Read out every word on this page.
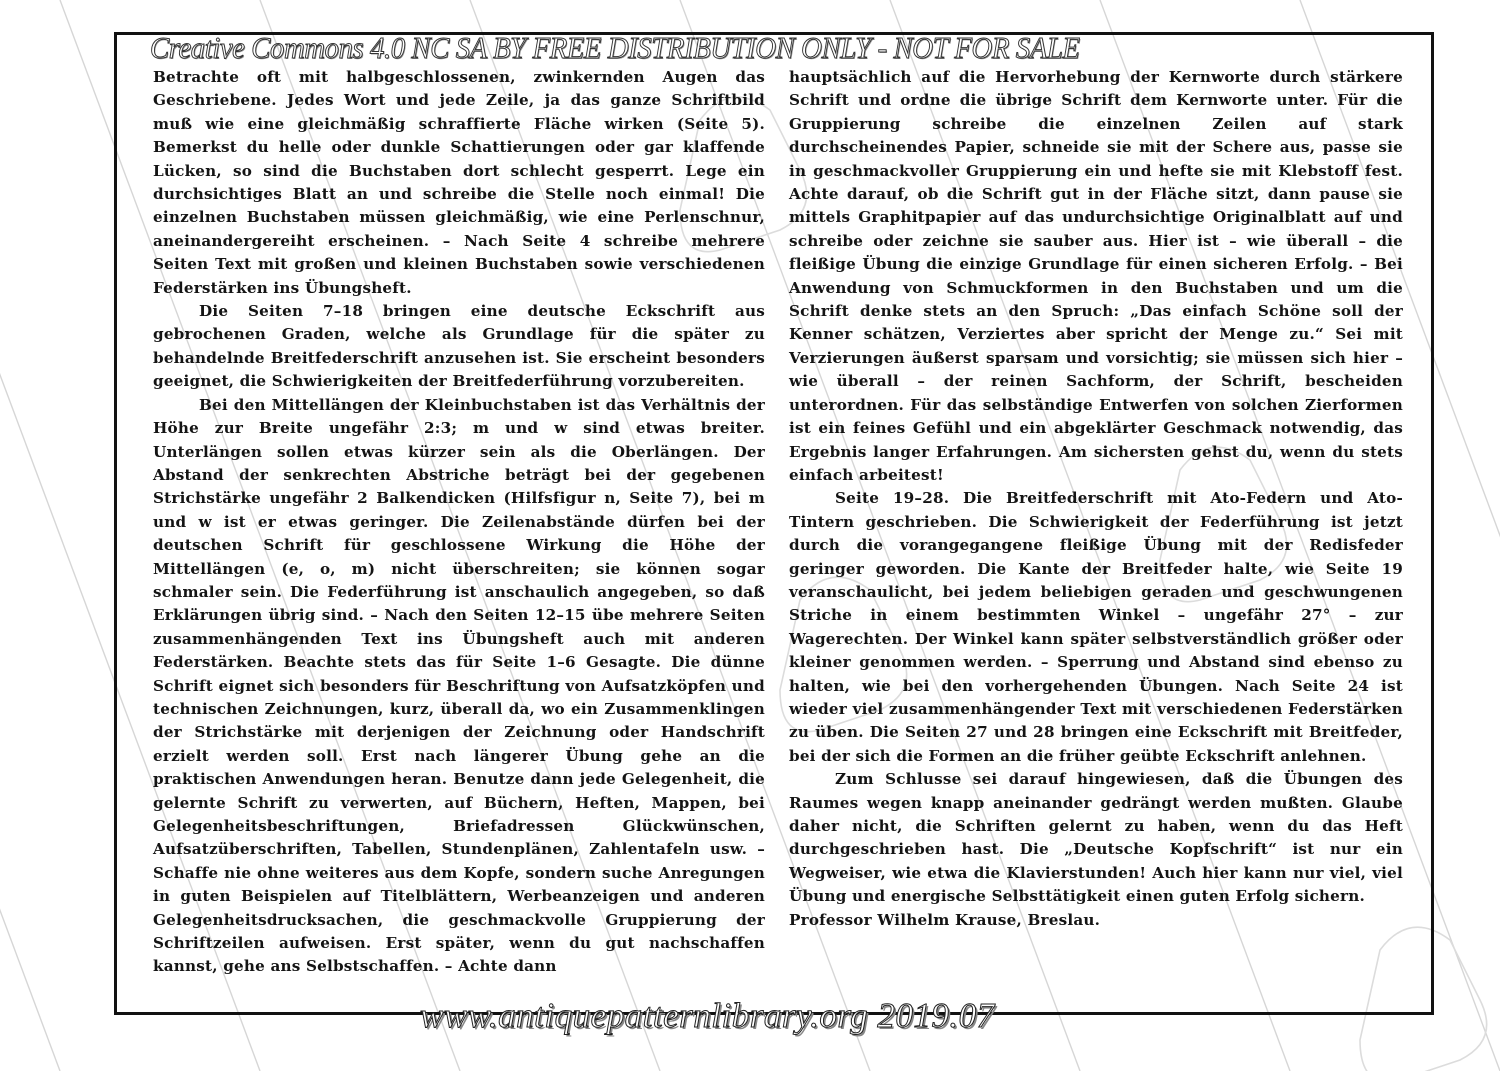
Creative Commons 4.0 NC SA BY FREE DISTRIBUTION ONLY - NOT FOR SALE

Betrachte oft mit halbgeschlossenen, zwinkernden Augen das Geschriebene. Jedes Wort und jede Zeile, ja das ganze Schriftbild muß wie eine gleichmäßig schraffierte Fläche wirken (Seite 5). Bemerkst du helle oder dunkle Schattierungen oder gar klaffende Lücken, so sind die Buchstaben dort schlecht gesperrt. Lege ein durchsichtiges Blatt an und schreibe die Stelle noch einmal! Die einzelnen Buchstaben müssen gleichmäßig, wie eine Perlenschnur, aneinandergereiht erscheinen. – Nach Seite 4 schreibe mehrere Seiten Text mit großen und kleinen Buchstaben sowie verschiedenen Federstärken ins Übungsheft.

Die Seiten 7–18 bringen eine deutsche Eckschrift aus gebrochenen Graden, welche als Grundlage für die später zu behandelnde Breitfederschrift anzusehen ist. Sie erscheint besonders geeignet, die Schwierigkeiten der Breitfederführung vorzubereiten.

Bei den Mittellängen der Kleinbuchstaben ist das Verhältnis der Höhe zur Breite ungefähr 2:3; m und w sind etwas breiter. Unterlängen sollen etwas kürzer sein als die Oberlängen. Der Abstand der senkrechten Abstriche beträgt bei der gegebenen Strichstärke ungefähr 2 Balkendicken (Hilfsfigur n, Seite 7), bei m und w ist er etwas geringer. Die Zeilenabstände dürfen bei der deutschen Schrift für geschlossene Wirkung die Höhe der Mittellängen (e, o, m) nicht überschreiten; sie können sogar schmaler sein. Die Federführung ist anschaulich angegeben, so daß Erklärungen übrig sind. – Nach den Seiten 12–15 übe mehrere Seiten zusammenhängenden Text ins Übungsheft auch mit anderen Federstärken. Beachte stets das für Seite 1–6 Gesagte. Die dünne Schrift eignet sich besonders für Beschriftung von Aufsatzköpfen und technischen Zeichnungen, kurz, überall da, wo ein Zusammenklingen der Strichstärke mit derjenigen der Zeichnung oder Handschrift erzielt werden soll. Erst nach längerer Übung gehe an die praktischen Anwendungen heran. Benutze dann jede Gelegenheit, die gelernte Schrift zu verwerten, auf Büchern, Heften, Mappen, bei Gelegenheitsbeschriftungen, Briefadressen Glückwünschen, Aufsatzüberschriften, Tabellen, Stundenplänen, Zahlentafeln usw. – Schaffe nie ohne weiteres aus dem Kopfe, sondern suche Anregungen in guten Beispielen auf Titelblättern, Werbeanzeigen und anderen Gelegenheitsdrucksachen, die geschmackvolle Gruppierung der Schriftzeilen aufweisen. Erst später, wenn du gut nachschaffen kannst, gehe ans Selbstschaffen. – Achte dann

hauptsächlich auf die Hervorhebung der Kernworte durch stärkere Schrift und ordne die übrige Schrift dem Kernworte unter. Für die Gruppierung schreibe die einzelnen Zeilen auf stark durchscheinendes Papier, schneide sie mit der Schere aus, passe sie in geschmackvoller Gruppierung ein und hefte sie mit Klebstoff fest. Achte darauf, ob die Schrift gut in der Fläche sitzt, dann pause sie mittels Graphitpapier auf das undurchsichtige Originalblatt auf und schreibe oder zeichne sie sauber aus. Hier ist – wie überall – die fleißige Übung die einzige Grundlage für einen sicheren Erfolg. – Bei Anwendung von Schmuckformen in den Buchstaben und um die Schrift denke stets an den Spruch: „Das einfach Schöne soll der Kenner schätzen, Verziertes aber spricht der Menge zu.“ Sei mit Verzierungen äußerst sparsam und vorsichtig; sie müssen sich hier – wie überall – der reinen Sachform, der Schrift, bescheiden unterordnen. Für das selbständige Entwerfen von solchen Zierformen ist ein feines Gefühl und ein abgeklärter Geschmack notwendig, das Ergebnis langer Erfahrungen. Am sichersten gehst du, wenn du stets einfach arbeitest!

Seite 19–28. Die Breitfederschrift mit Ato-Federn und Ato-Tintern geschrieben. Die Schwierigkeit der Federführung ist jetzt durch die vorangegangene fleißige Übung mit der Redisfeder geringer geworden. Die Kante der Breitfeder halte, wie Seite 19 veranschaulicht, bei jedem beliebigen geraden und geschwungenen Striche in einem bestimmten Winkel – ungefähr 27° – zur Wagerechten. Der Winkel kann später selbstverständlich größer oder kleiner genommen werden. – Sperrung und Abstand sind ebenso zu halten, wie bei den vorhergehenden Übungen. Nach Seite 24 ist wieder viel zusammenhängender Text mit verschiedenen Federstärken zu üben. Die Seiten 27 und 28 bringen eine Eckschrift mit Breitfeder, bei der sich die Formen an die früher geübte Eckschrift anlehnen.

Zum Schlusse sei darauf hingewiesen, daß die Übungen des Raumes wegen knapp aneinander gedrängt werden mußten. Glaube daher nicht, die Schriften gelernt zu haben, wenn du das Heft durchgeschrieben hast. Die „Deutsche Kopfschrift“ ist nur ein Wegweiser, wie etwa die Klavierstunden! Auch hier kann nur viel, viel Übung und energische Selbsttätigkeit einen guten Erfolg sichern.

Professor Wilhelm Krause, Breslau.

www.antiquepatternlibrary.org 2019.07
